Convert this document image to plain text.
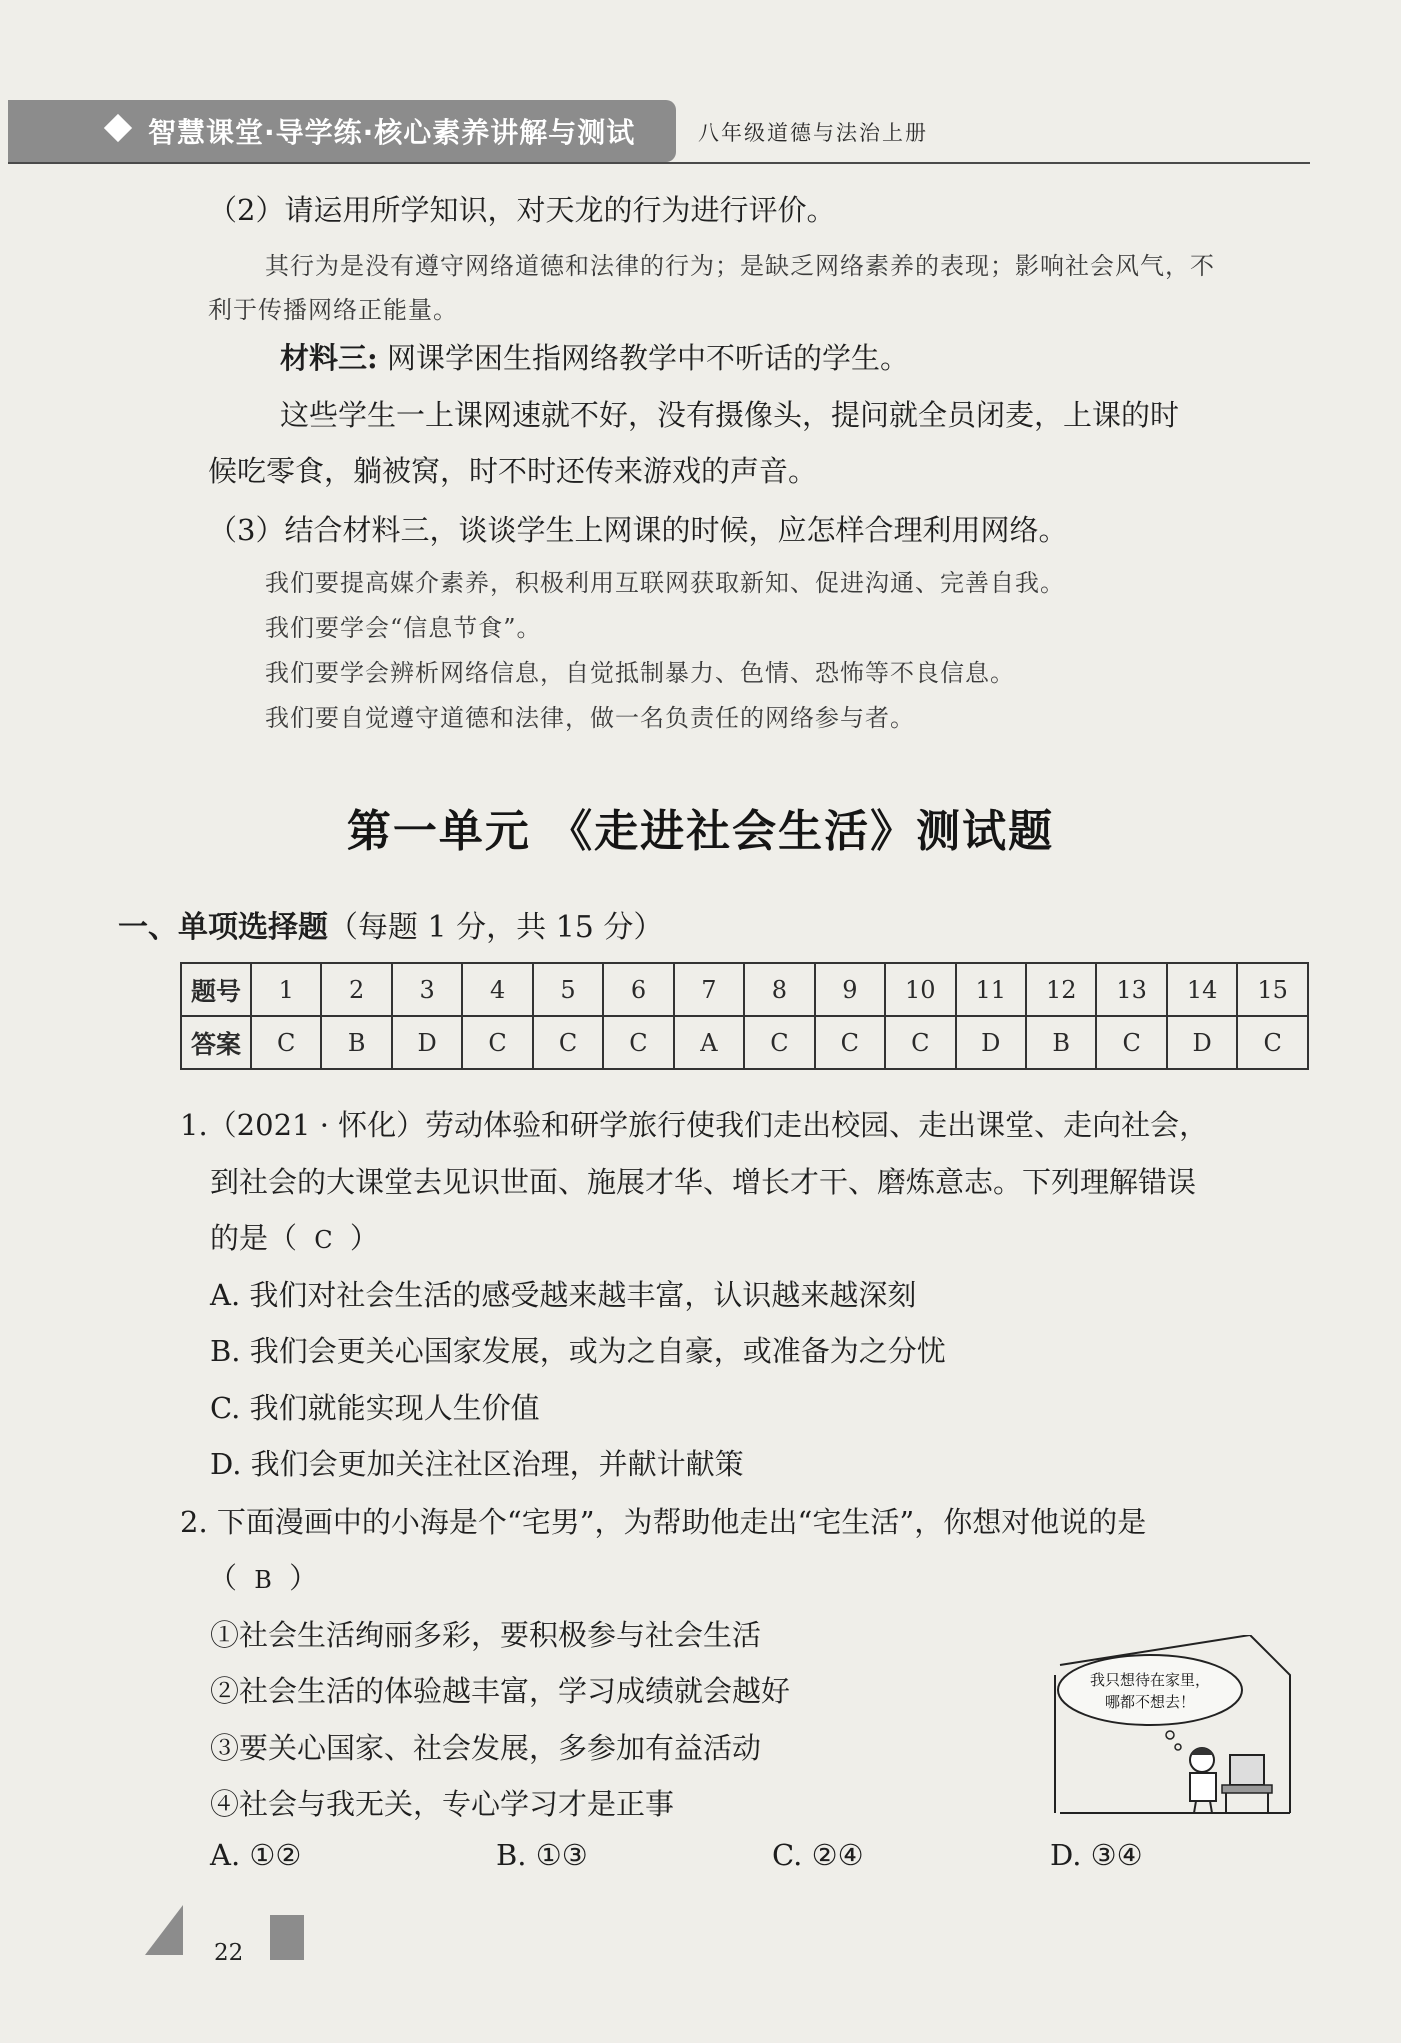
智慧课堂·导学练·核心素养讲解与测试	八年级道德与法治上册
（2）请运用所学知识，对天龙的行为进行评价。
其行为是没有遵守网络道德和法律的行为；是缺乏网络素养的表现；影响社会风气，不
利于传播网络正能量。
材料三: 网课学困生指网络教学中不听话的学生。
这些学生一上课网速就不好，没有摄像头，提问就全员闭麦，上课的时
候吃零食，躺被窝，时不时还传来游戏的声音。
（3）结合材料三，谈谈学生上网课的时候，应怎样合理利用网络。
我们要提高媒介素养，积极利用互联网获取新知、促进沟通、完善自我。
我们要学会“信息节食”。
我们要学会辨析网络信息，自觉抵制暴力、色情、恐怖等不良信息。
我们要自觉遵守道德和法律，做一名负责任的网络参与者。
第一单元 《走进社会生活》测试题
一、单项选择题（每题 1 分，共 15 分）
题号	1	2	3	4	5	6	7	8	9	10	11	12	13	14	15
答案	C	B	D	C	C	C	A	C	C	C	D	B	C	D	C
1.（2021 · 怀化）劳动体验和研学旅行使我们走出校园、走出课堂、走向社会，
到社会的大课堂去见识世面、施展才华、增长才干、磨炼意志。下列理解错误
的是（ C ）
A. 我们对社会生活的感受越来越丰富，认识越来越深刻
B. 我们会更关心国家发展，或为之自豪，或准备为之分忧
C. 我们就能实现人生价值
D. 我们会更加关注社区治理，并献计献策
2. 下面漫画中的小海是个“宅男”，为帮助他走出“宅生活”，你想对他说的是
（ B ）
①社会生活绚丽多彩，要积极参与社会生活
②社会生活的体验越丰富，学习成绩就会越好
③要关心国家、社会发展，多参加有益活动
④社会与我无关，专心学习才是正事
A. ①②	B. ①③	C. ②④	D. ③④
我只想待在家里，
哪都不想去！
22
